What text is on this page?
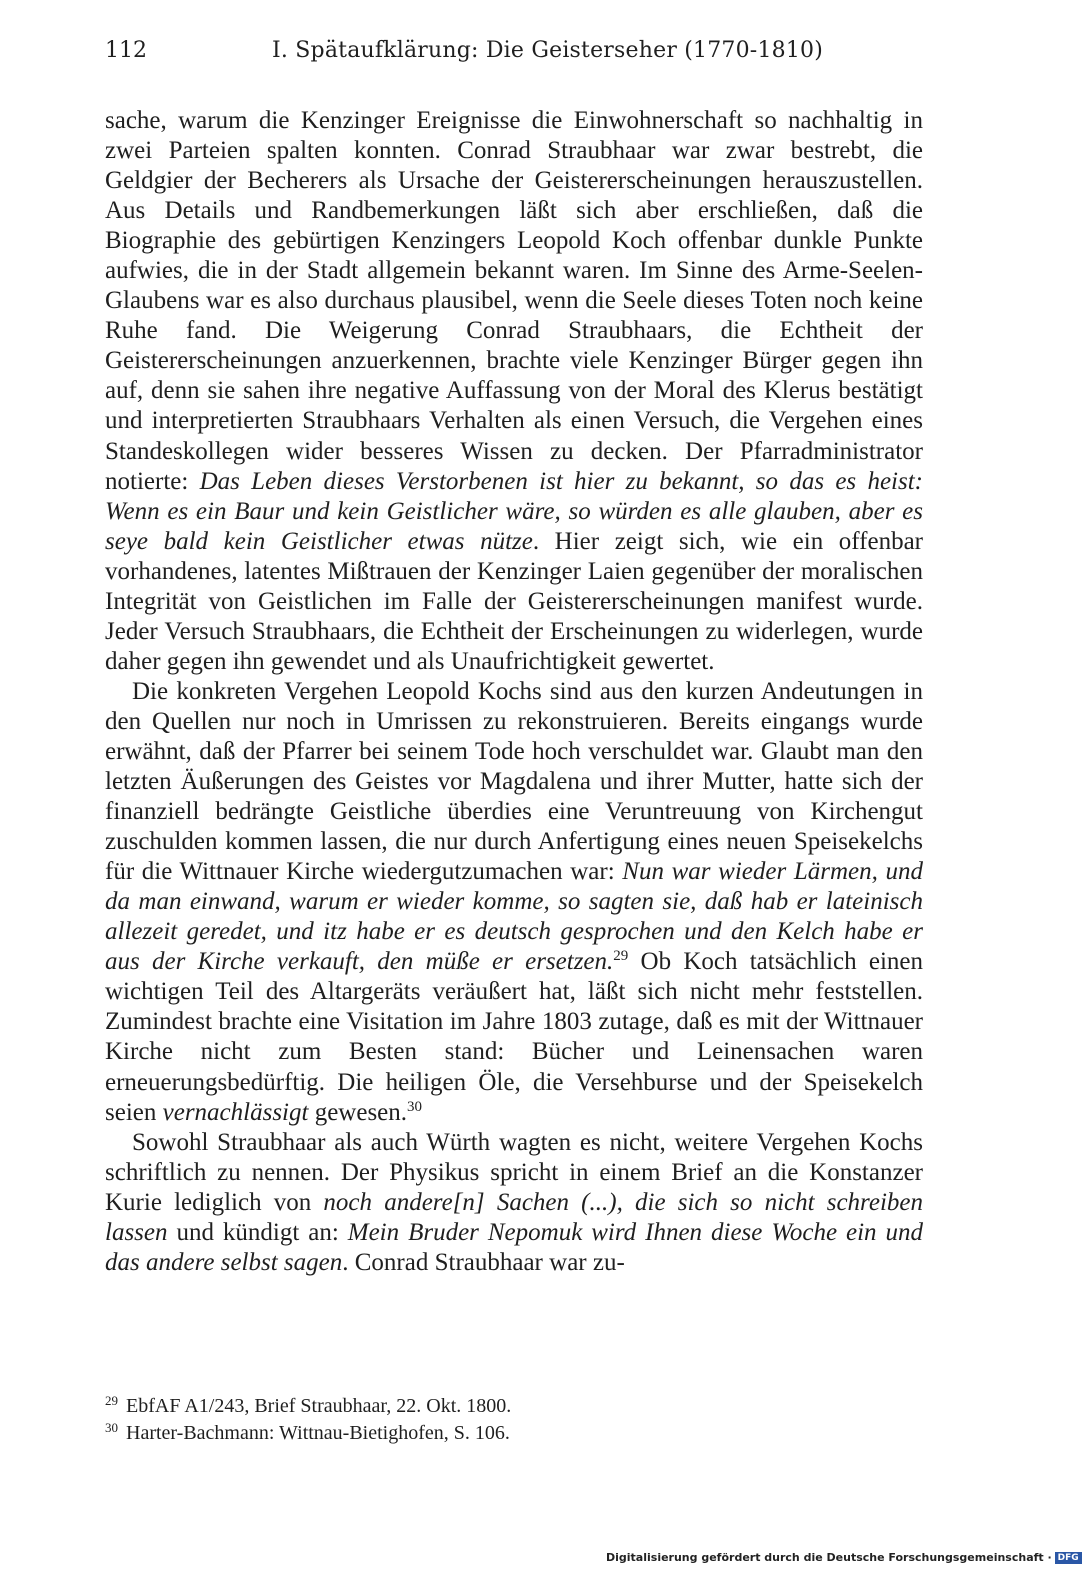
112	I. Spätaufklärung: Die Geisterseher (1770-1810)

sache, warum die Kenzinger Ereignisse die Einwohnerschaft so nachhaltig in zwei Parteien spalten konnten. Conrad Straubhaar war zwar bestrebt, die Geldgier der Becherers als Ursache der Geistererscheinungen herauszustellen. Aus Details und Randbemerkungen läßt sich aber erschließen, daß die Biographie des gebürtigen Kenzingers Leopold Koch offenbar dunkle Punkte aufwies, die in der Stadt allgemein bekannt waren. Im Sinne des Arme-Seelen-Glaubens war es also durchaus plausibel, wenn die Seele dieses Toten noch keine Ruhe fand. Die Weigerung Conrad Straubhaars, die Echtheit der Geistererscheinungen anzuerkennen, brachte viele Kenzinger Bürger gegen ihn auf, denn sie sahen ihre negative Auffassung von der Moral des Klerus bestätigt und interpretierten Straubhaars Verhalten als einen Versuch, die Vergehen eines Standeskollegen wider besseres Wissen zu decken. Der Pfarradministrator notierte: Das Leben dieses Verstorbenen ist hier zu bekannt, so das es heist: Wenn es ein Baur und kein Geistlicher wäre, so würden es alle glauben, aber es seye bald kein Geistlicher etwas nütze. Hier zeigt sich, wie ein offenbar vorhandenes, latentes Mißtrauen der Kenzinger Laien gegenüber der moralischen Integrität von Geistlichen im Falle der Geistererscheinungen manifest wurde. Jeder Versuch Straubhaars, die Echtheit der Erscheinungen zu widerlegen, wurde daher gegen ihn gewendet und als Unaufrichtigkeit gewertet.

Die konkreten Vergehen Leopold Kochs sind aus den kurzen Andeutungen in den Quellen nur noch in Umrissen zu rekonstruieren. Bereits eingangs wurde erwähnt, daß der Pfarrer bei seinem Tode hoch verschuldet war. Glaubt man den letzten Äußerungen des Geistes vor Magdalena und ihrer Mutter, hatte sich der finanziell bedrängte Geistliche überdies eine Veruntreuung von Kirchengut zuschulden kommen lassen, die nur durch Anfertigung eines neuen Speisekelchs für die Wittnauer Kirche wiedergutzumachen war: Nun war wieder Lärmen, und da man einwand, warum er wieder komme, so sagten sie, daß hab er lateinisch allezeit geredet, und itz habe er es deutsch gesprochen und den Kelch habe er aus der Kirche verkauft, den müße er ersetzen.$^{29}$ Ob Koch tatsächlich einen wichtigen Teil des Altargeräts veräußert hat, läßt sich nicht mehr feststellen. Zumindest brachte eine Visitation im Jahre 1803 zutage, daß es mit der Wittnauer Kirche nicht zum Besten stand: Bücher und Leinensachen waren erneuerungsbedürftig. Die heiligen Öle, die Versehburse und der Speisekelch seien vernachlässigt gewesen.$^{30}$

Sowohl Straubhaar als auch Würth wagten es nicht, weitere Vergehen Kochs schriftlich zu nennen. Der Physikus spricht in einem Brief an die Konstanzer Kurie lediglich von noch andere[n] Sachen (...), die sich so nicht schreiben lassen und kündigt an: Mein Bruder Nepomuk wird Ihnen diese Woche ein und das andere selbst sagen. Conrad Straubhaar war zu-

$^{29}$ EbfAF A1/243, Brief Straubhaar, 22. Okt. 1800.
$^{30}$ Harter-Bachmann: Wittnau-Bietighofen, S. 106.
Digitalisierung gefördert durch die Deutsche Forschungsgemeinschaft · DFG
